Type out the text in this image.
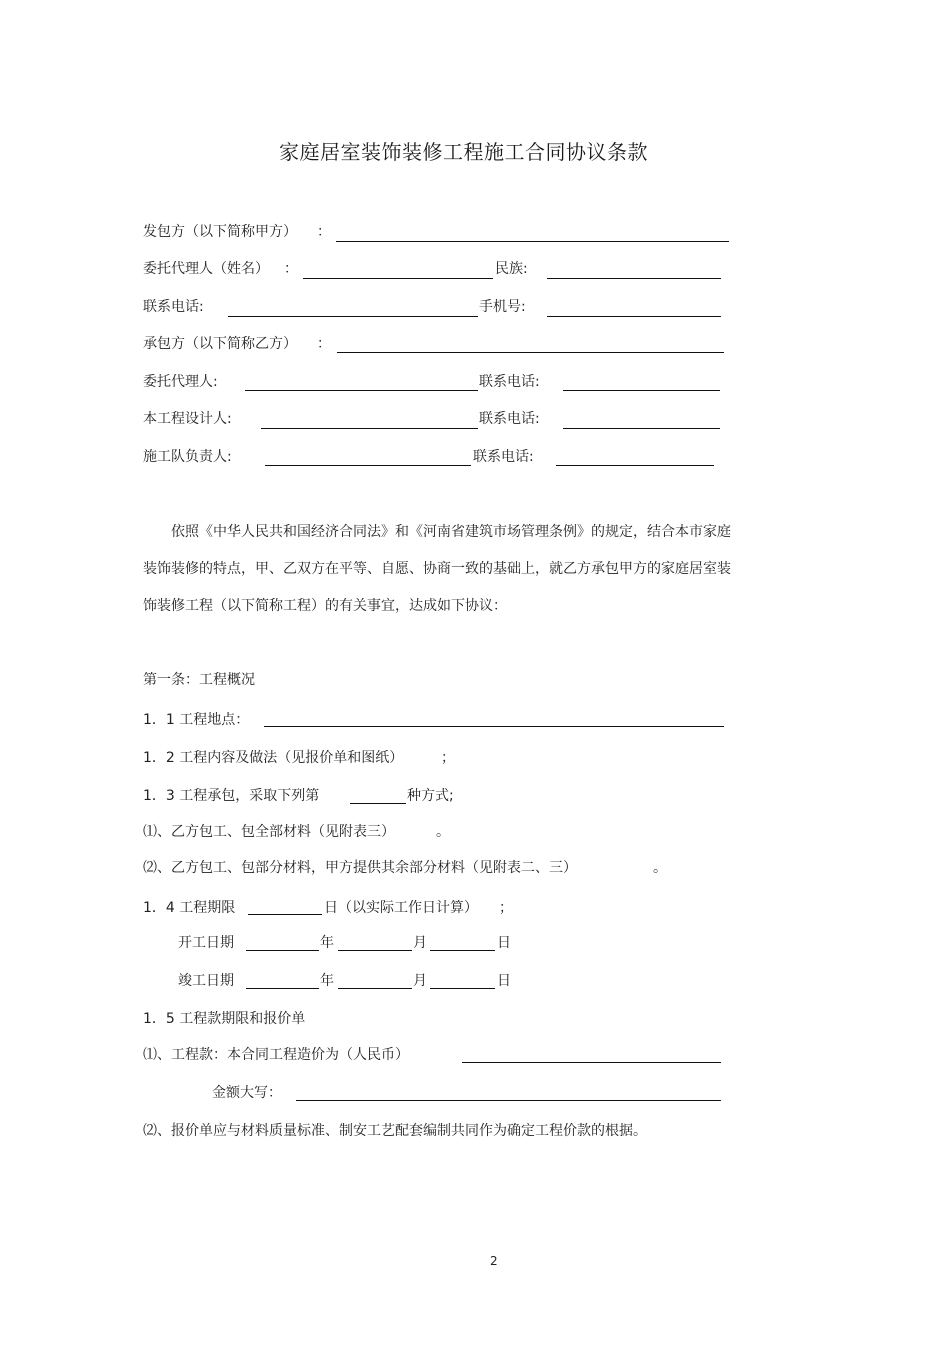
家庭居室装饰装修工程施工合同协议条款
发包方（以下简称甲方） ：
委托代理人（姓名） ：	民族:
联系电话:	手机号:
承包方（以下简称乙方） ：
委托代理人:	联系电话:
本工程设计人:	联系电话:
施工队负责人:	联系电话:
依照《中华人民共和国经济合同法》和《河南省建筑市场管理条例》的规定，结合本市家庭
装饰装修的特点，甲、乙双方在平等、自愿、协商一致的基础上，就乙方承包甲方的家庭居室装
饰装修工程（以下简称工程）的有关事宜，达成如下协议：
第一条：工程概况
1．1 工程地点：
1．2 工程内容及做法（见报价单和图纸）	；
1．3 工程承包，采取下列第	种方式;
⑴、乙方包工、包全部材料（见附表三）	。
⑵、乙方包工、包部分材料，甲方提供其余部分材料（见附表二、三）	。
1．4 工程期限	日（以实际工作日计算） ；
开工日期	年	月	日
竣工日期	年	月	日
1．5 工程款期限和报价单
⑴、工程款：本合同工程造价为（人民币）
金额大写：
⑵、报价单应与材料质量标准、制安工艺配套编制共同作为确定工程价款的根据。
2
